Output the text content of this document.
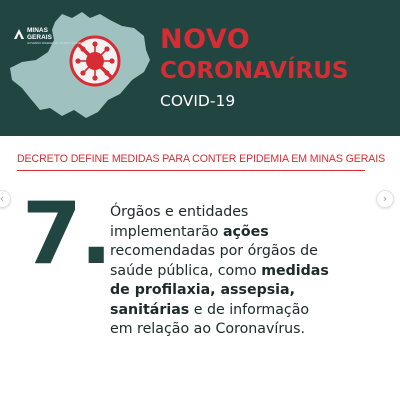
MINAS
GERAIS
GOVERNO DIFERENTE. ESTADO EFICIENTE.	NOVO
CORONAVÍRUS
COVID-19
DECRETO DEFINE MEDIDAS PARA CONTER EPIDEMIA EM MINAS GERAIS
‹	›
7. Órgãos e entidades
implementarão ações
recomendadas por órgãos de
saúde pública, como medidas
de profilaxia, assepsia,
sanitárias e de informação
em relação ao Coronavírus.
